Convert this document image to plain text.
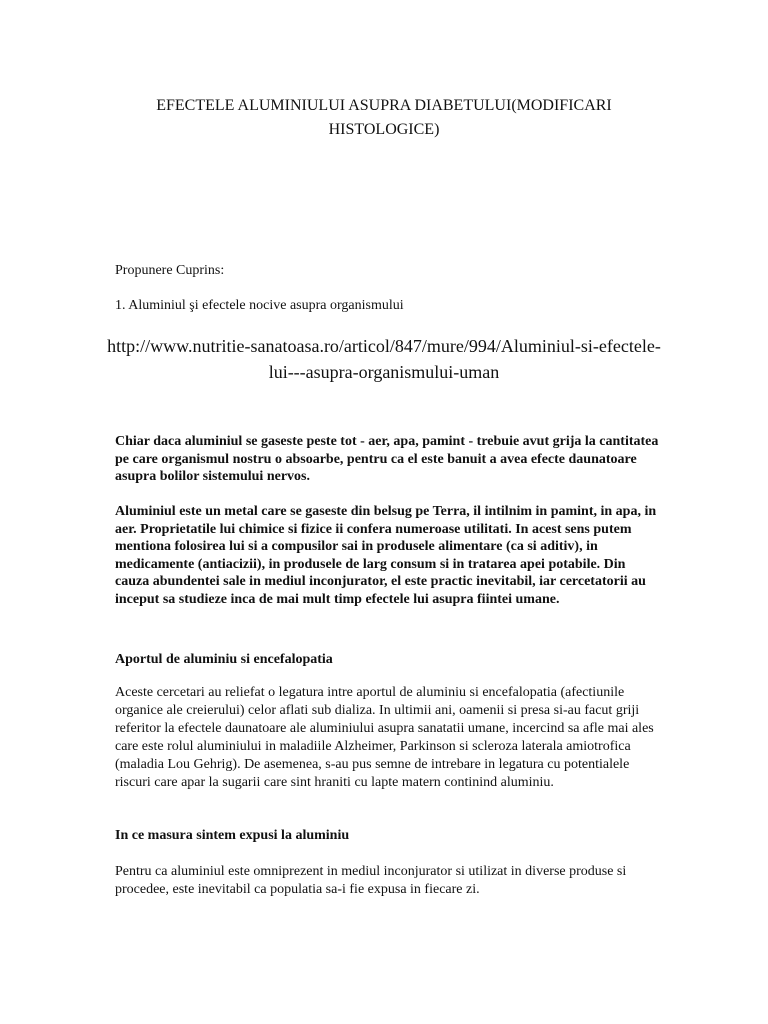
EFECTELE ALUMINIULUI ASUPRA DIABETULUI(MODIFICARI HISTOLOGICE)

Propunere Cuprins:

1. Aluminiul şi efectele nocive asupra organismului

http://www.nutritie-sanatoasa.ro/articol/847/mure/994/Aluminiul-si-efectele-lui---asupra-organismului-uman

Chiar daca aluminiul se gaseste peste tot - aer, apa, pamint - trebuie avut grija la cantitatea pe care organismul nostru o absoarbe, pentru ca el este banuit a avea efecte daunatoare asupra bolilor sistemului nervos.

Aluminiul este un metal care se gaseste din belsug pe Terra, il intilnim in pamint, in apa, in aer. Proprietatile lui chimice si fizice ii confera numeroase utilitati. In acest sens putem mentiona folosirea lui si a compusilor sai in produsele alimentare (ca si aditiv), in medicamente (antiacizii), in produsele de larg consum si in tratarea apei potabile. Din cauza abundentei sale in mediul inconjurator, el este practic inevitabil, iar cercetatorii au inceput sa studieze inca de mai mult timp efectele lui asupra fiintei umane.

Aportul de aluminiu si encefalopatia

Aceste cercetari au reliefat o legatura intre aportul de aluminiu si encefalopatia (afectiunile organice ale creierului) celor aflati sub dializa. In ultimii ani, oamenii si presa si-au facut griji referitor la efectele daunatoare ale aluminiului asupra sanatatii umane, incercind sa afle mai ales care este rolul aluminiului in maladiile Alzheimer, Parkinson si scleroza laterala amiotrofica (maladia Lou Gehrig). De asemenea, s-au pus semne de intrebare in legatura cu potentialele riscuri care apar la sugarii care sint hraniti cu lapte matern continind aluminiu.

In ce masura sintem expusi la aluminiu

Pentru ca aluminiul este omniprezent in mediul inconjurator si utilizat in diverse produse si procedee, este inevitabil ca populatia sa-i fie expusa in fiecare zi.
